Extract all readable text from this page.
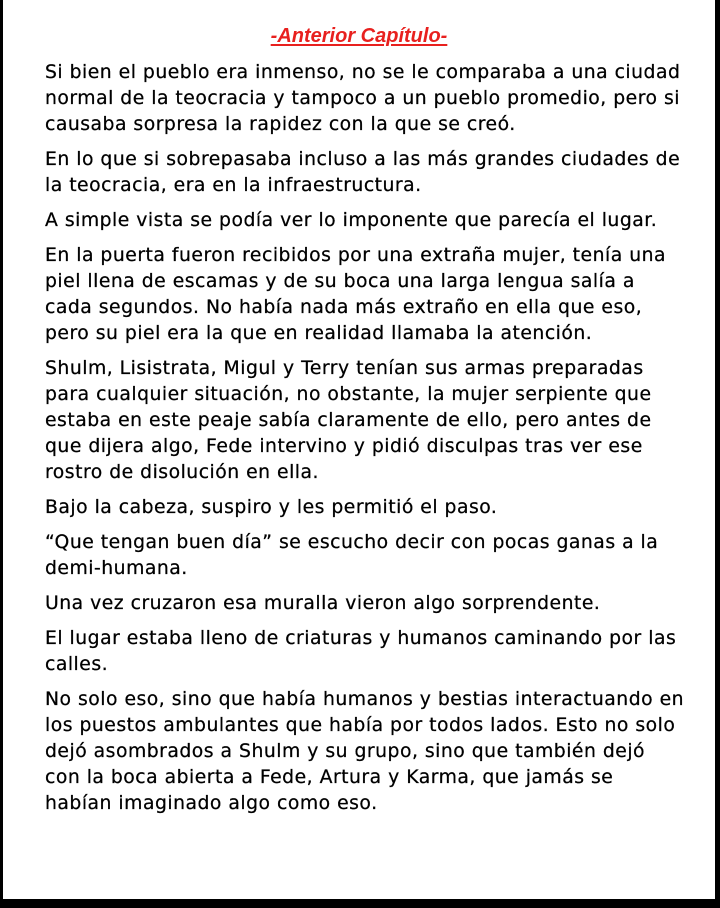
-Anterior Capítulo-

Si bien el pueblo era inmenso, no se le comparaba a una ciudad normal de la teocracia y tampoco a un pueblo promedio, pero si causaba sorpresa la rapidez con la que se creó.

En lo que si sobrepasaba incluso a las más grandes ciudades de la teocracia, era en la infraestructura.

A simple vista se podía ver lo imponente que parecía el lugar.

En la puerta fueron recibidos por una extraña mujer, tenía una piel llena de escamas y de su boca una larga lengua salía a cada segundos. No había nada más extraño en ella que eso, pero su piel era la que en realidad llamaba la atención.

Shulm, Lisistrata, Migul y Terry tenían sus armas preparadas para cualquier situación, no obstante, la mujer serpiente que estaba en este peaje sabía claramente de ello, pero antes de que dijera algo, Fede intervino y pidió disculpas tras ver ese rostro de disolución en ella.

Bajo la cabeza, suspiro y les permitió el paso.

“Que tengan buen día” se escucho decir con pocas ganas a la demi-humana.

Una vez cruzaron esa muralla vieron algo sorprendente.

El lugar estaba lleno de criaturas y humanos caminando por las calles.

No solo eso, sino que había humanos y bestias interactuando en los puestos ambulantes que había por todos lados. Esto no solo dejó asombrados a Shulm y su grupo, sino que también dejó con la boca abierta a Fede, Artura y Karma, que jamás se habían imaginado algo como eso.
